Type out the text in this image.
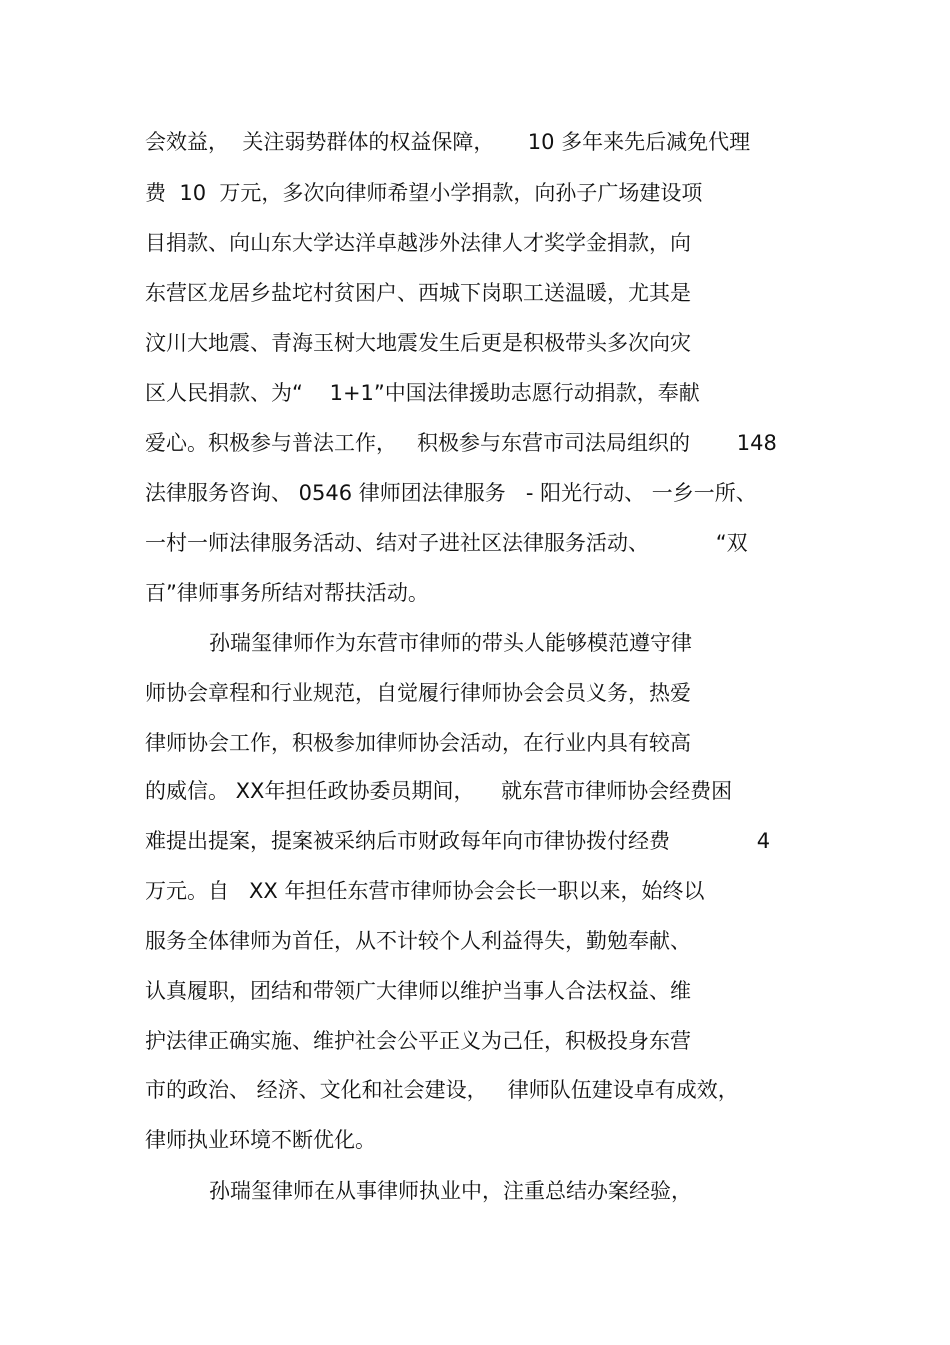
会效益，  关注弱势群体的权益保障，     10 多年来先后减免代理
费  10  万元，多次向律师希望小学捐款，向孙子广场建设项
目捐款、向山东大学达洋卓越涉外法律人才奖学金捐款，向
东营区龙居乡盐坨村贫困户、西城下岗职工送温暖，尤其是
汶川大地震、青海玉树大地震发生后更是积极带头多次向灾
区人民捐款、为“    1+1”中国法律援助志愿行动捐款，奉献
爱心。积极参与普法工作，   积极参与东营市司法局组织的       148
法律服务咨询、 0546 律师团法律服务   - 阳光行动、 一乡一所、
一村一师法律服务活动、结对子进社区法律服务活动、          “双
百”律师事务所结对帮扶活动。
孙瑞玺律师作为东营市律师的带头人能够模范遵守律
师协会章程和行业规范，自觉履行律师协会会员义务，热爱
律师协会工作，积极参加律师协会活动，在行业内具有较高
的威信。 XX年担任政协委员期间，    就东营市律师协会经费困
难提出提案，提案被采纳后市财政每年向市律协拨付经费             4
万元。自   XX 年担任东营市律师协会会长一职以来，始终以
服务全体律师为首任，从不计较个人利益得失，勤勉奉献、
认真履职，团结和带领广大律师以维护当事人合法权益、维
护法律正确实施、维护社会公平正义为己任，积极投身东营
市的政治、 经济、文化和社会建设，   律师队伍建设卓有成效，
律师执业环境不断优化。
孙瑞玺律师在从事律师执业中，注重总结办案经验，
